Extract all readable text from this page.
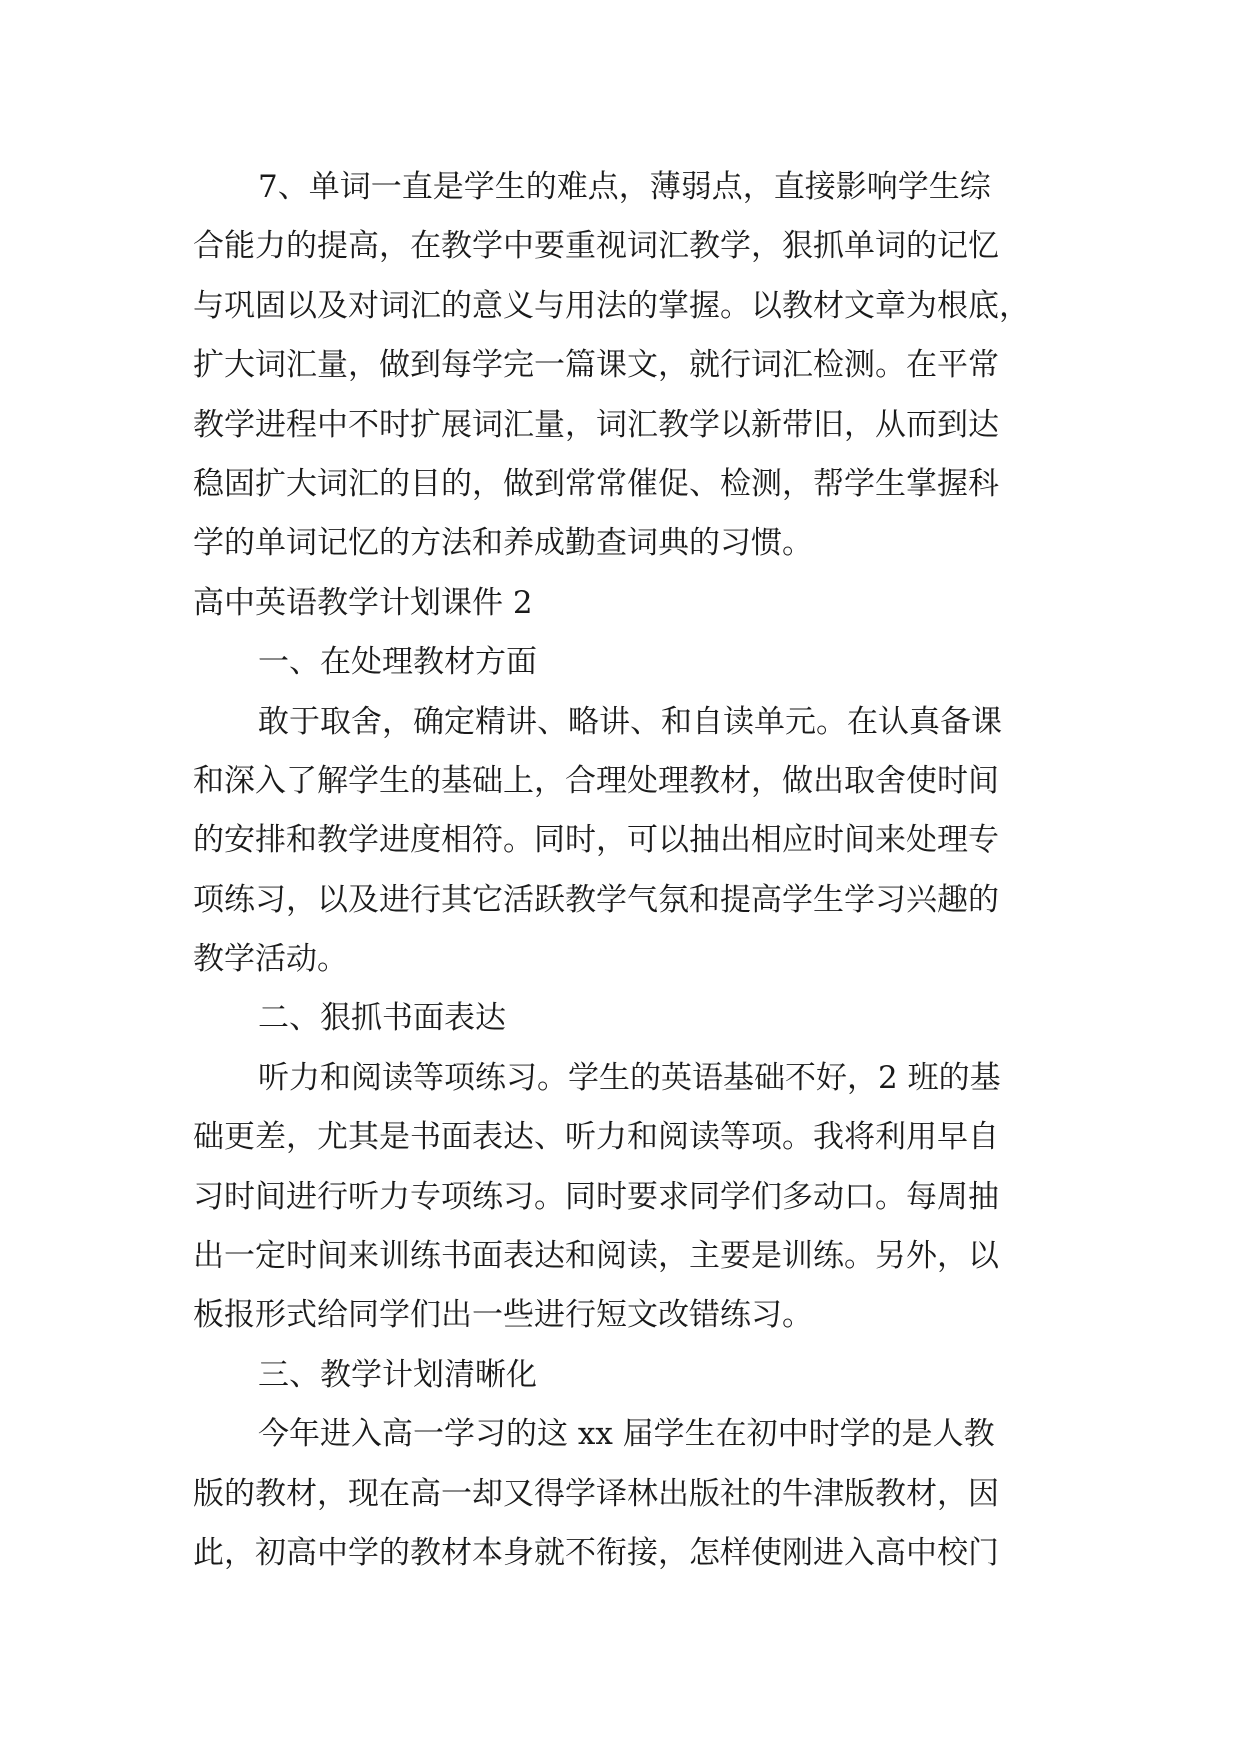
7、单词一直是学生的难点，薄弱点，直接影响学生综
合能力的提高，在教学中要重视词汇教学，狠抓单词的记忆
与巩固以及对词汇的意义与用法的掌握。以教材文章为根底，
扩大词汇量，做到每学完一篇课文，就行词汇检测。在平常
教学进程中不时扩展词汇量，词汇教学以新带旧，从而到达
稳固扩大词汇的目的，做到常常催促、检测，帮学生掌握科
学的单词记忆的方法和养成勤查词典的习惯。
高中英语教学计划课件 2
一、在处理教材方面
敢于取舍，确定精讲、略讲、和自读单元。在认真备课
和深入了解学生的基础上，合理处理教材，做出取舍使时间
的安排和教学进度相符。同时，可以抽出相应时间来处理专
项练习，以及进行其它活跃教学气氛和提高学生学习兴趣的
教学活动。
二、狠抓书面表达
听力和阅读等项练习。学生的英语基础不好，2 班的基
础更差，尤其是书面表达、听力和阅读等项。我将利用早自
习时间进行听力专项练习。同时要求同学们多动口。每周抽
出一定时间来训练书面表达和阅读，主要是训练。另外，以
板报形式给同学们出一些进行短文改错练习。
三、教学计划清晰化
今年进入高一学习的这 xx 届学生在初中时学的是人教
版的教材，现在高一却又得学译林出版社的牛津版教材，因
此，初高中学的教材本身就不衔接，怎样使刚进入高中校门
